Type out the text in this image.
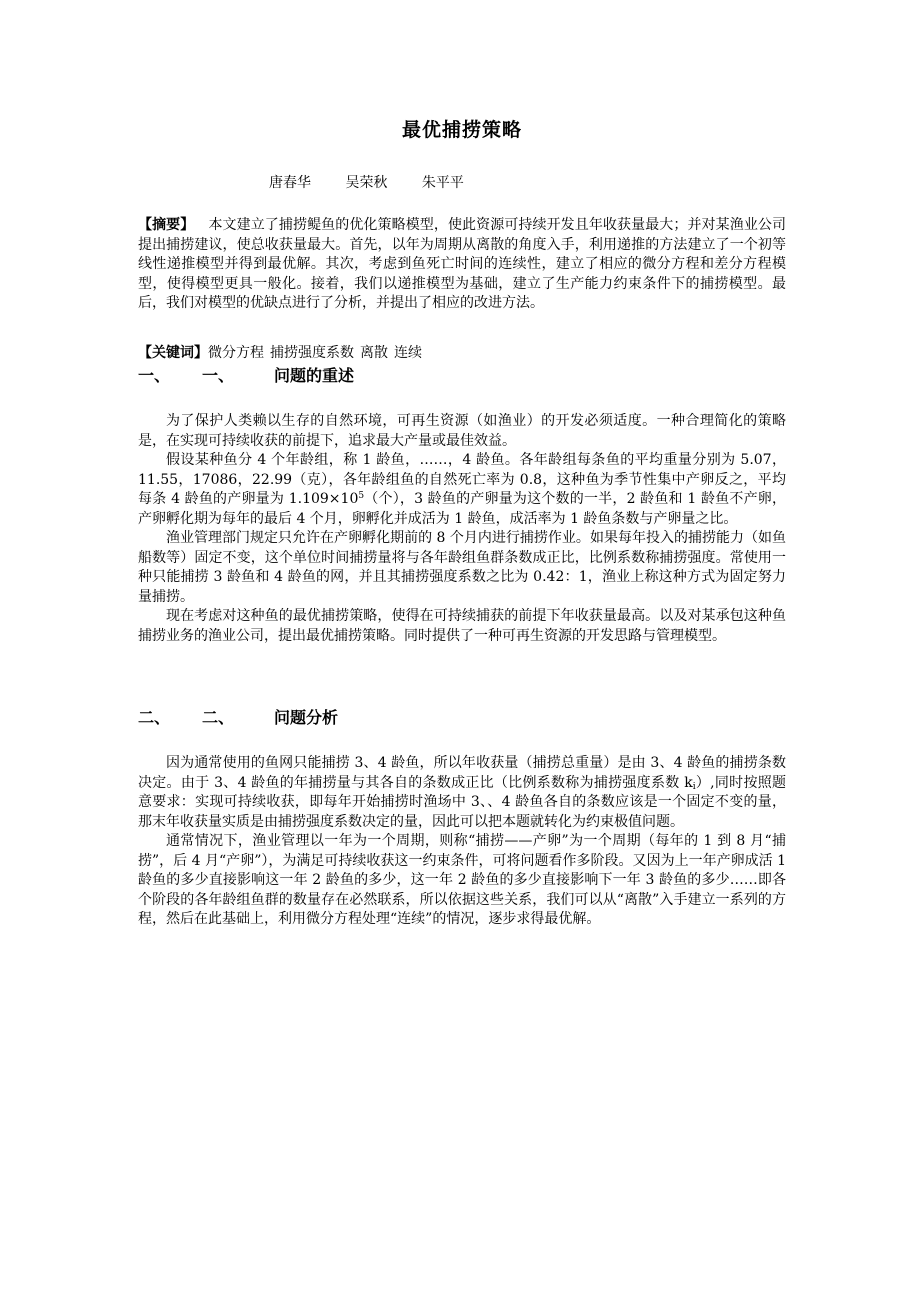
最优捕捞策略
唐春华 吴荣秋 朱平平
【摘要】 本文建立了捕捞鳀鱼的优化策略模型，使此资源可持续开发且年收获量最大；并对某渔业公司提出捕捞建议，使总收获量最大。首先，以年为周期从离散的角度入手，利用递推的方法建立了一个初等线性递推模型并得到最优解。其次，考虑到鱼死亡时间的连续性，建立了相应的微分方程和差分方程模型，使得模型更具一般化。接着，我们以递推模型为基础，建立了生产能力约束条件下的捕捞模型。最后，我们对模型的优缺点进行了分析，并提出了相应的改进方法。
【关键词】微分方程 捕捞强度系数 离散 连续
一、 一、 问题的重述

为了保护人类赖以生存的自然环境，可再生资源（如渔业）的开发必须适度。一种合理简化的策略是，在实现可持续收获的前提下，追求最大产量或最佳效益。

假设某种鱼分 4 个年龄组，称 1 龄鱼，……，4 龄鱼。各年龄组每条鱼的平均重量分别为 5.07，11.55，17086，22.99（克），各年龄组鱼的自然死亡率为 0.8，这种鱼为季节性集中产卵反之，平均每条 4 龄鱼的产卵量为 $1.109\times 10^5$（个），3 龄鱼的产卵量为这个数的一半，2 龄鱼和 1 龄鱼不产卵，产卵孵化期为每年的最后 4 个月，卵孵化并成活为 1 龄鱼，成活率为 1 龄鱼条数与产卵量之比。

渔业管理部门规定只允许在产卵孵化期前的 8 个月内进行捕捞作业。如果每年投入的捕捞能力（如鱼船数等）固定不变，这个单位时间捕捞量将与各年龄组鱼群条数成正比，比例系数称捕捞强度。常使用一种只能捕捞 3 龄鱼和 4 龄鱼的网，并且其捕捞强度系数之比为 0.42：1，渔业上称这种方式为固定努力量捕捞。

现在考虑对这种鱼的最优捕捞策略，使得在可持续捕获的前提下年收获量最高。以及对某承包这种鱼捕捞业务的渔业公司，提出最优捕捞策略。同时提供了一种可再生资源的开发思路与管理模型。

二、 二、 问题分析

因为通常使用的鱼网只能捕捞 3、4 龄鱼，所以年收获量（捕捞总重量）是由 3、4 龄鱼的捕捞条数决定。由于 3、4 龄鱼的年捕捞量与其各自的条数成正比（比例系数称为捕捞强度系数 $k_i$）,同时按照题意要求：实现可持续收获，即每年开始捕捞时渔场中 3、、4 龄鱼各自的条数应该是一个固定不变的量，那末年收获量实质是由捕捞强度系数决定的量，因此可以把本题就转化为约束极值问题。

通常情况下，渔业管理以一年为一个周期，则称“捕捞——产卵”为一个周期（每年的 1 到 8 月“捕捞”，后 4 月“产卵”），为满足可持续收获这一约束条件，可将问题看作多阶段。又因为上一年产卵成活 1 龄鱼的多少直接影响这一年 2 龄鱼的多少，这一年 2 龄鱼的多少直接影响下一年 3 龄鱼的多少……即各个阶段的各年龄组鱼群的数量存在必然联系，所以依据这些关系，我们可以从“离散”入手建立一系列的方程，然后在此基础上，利用微分方程处理“连续”的情况，逐步求得最优解。
